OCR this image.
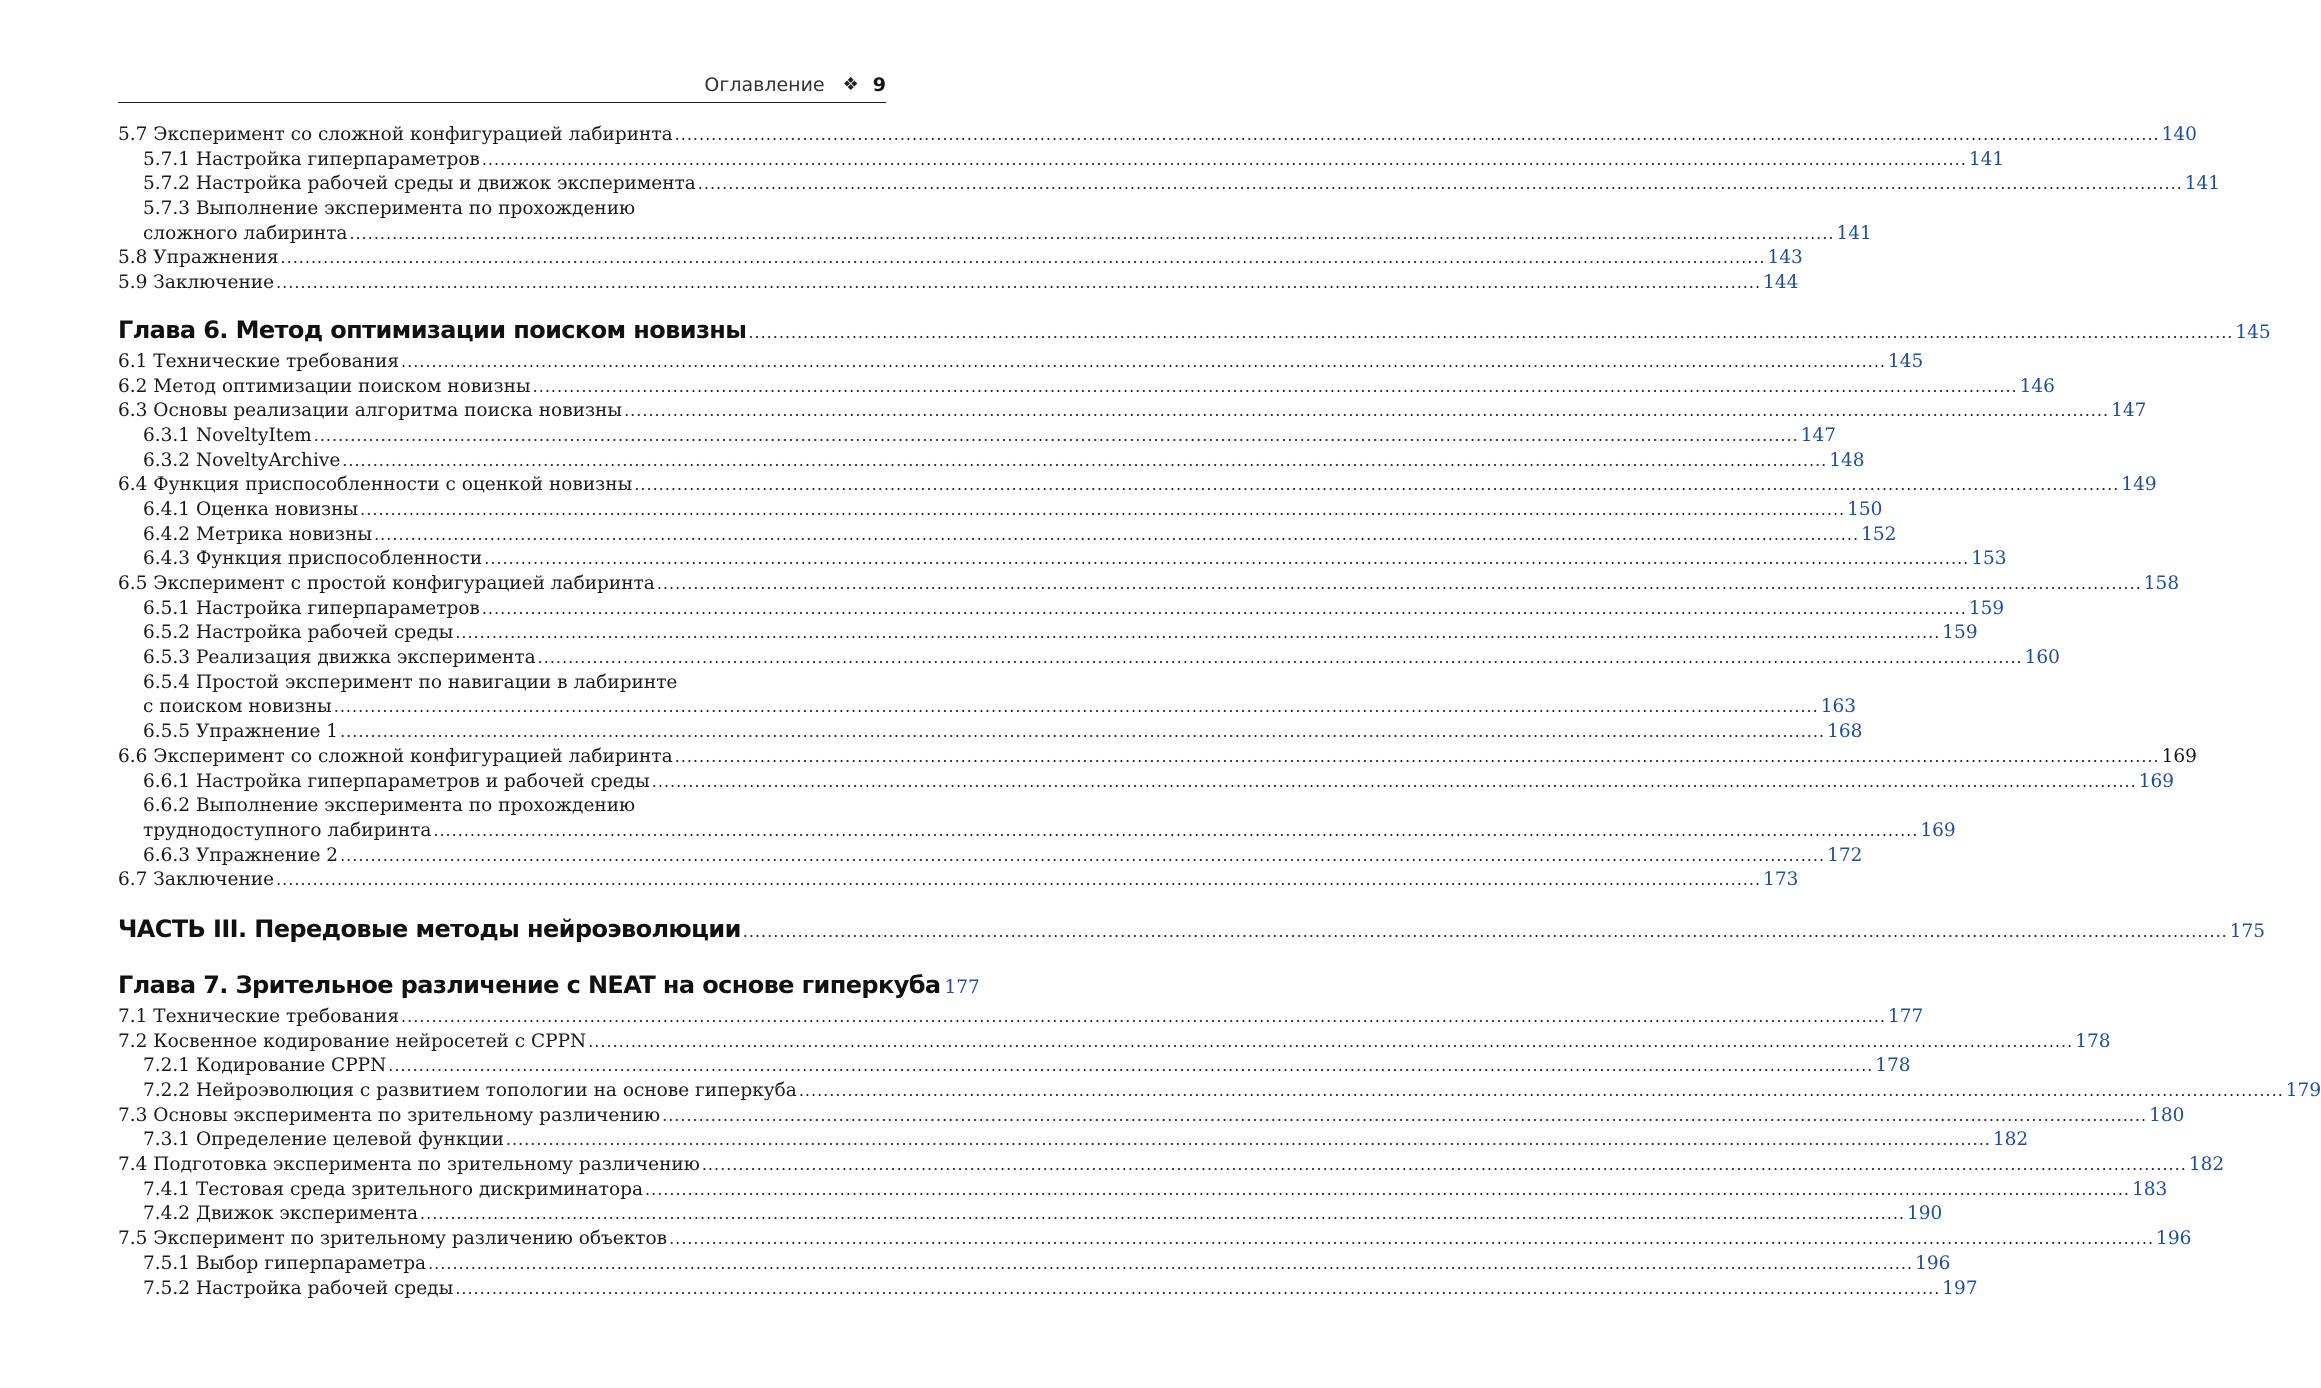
Оглавление ❖ 9
5.7 Эксперимент со сложной конфигурацией лабиринта .....	140
5.7.1 Настройка гиперпараметров .....	141
5.7.2 Настройка рабочей среды и движок эксперимента .....	141
5.7.3 Выполнение эксперимента по прохождению
сложного лабиринта .....	141
5.8 Упражнения .....	143
5.9 Заключение .....	144
Глава 6. Метод оптимизации поиском новизны .....	145
6.1 Технические требования .....	145
6.2 Метод оптимизации поиском новизны .....	146
6.3 Основы реализации алгоритма поиска новизны .....	147
6.3.1 NoveltyItem .....	147
6.3.2 NoveltyArchive .....	148
6.4 Функция приспособленности с оценкой новизны .....	149
6.4.1 Оценка новизны .....	150
6.4.2 Метрика новизны .....	152
6.4.3 Функция приспособленности .....	153
6.5 Эксперимент с простой конфигурацией лабиринта .....	158
6.5.1 Настройка гиперпараметров .....	159
6.5.2 Настройка рабочей среды .....	159
6.5.3 Реализация движка эксперимента .....	160
6.5.4 Простой эксперимент по навигации в лабиринте
с поиском новизны .....	163
6.5.5 Упражнение 1 .....	168
6.6 Эксперимент со сложной конфигурацией лабиринта .....	169
6.6.1 Настройка гиперпараметров и рабочей среды .....	169
6.6.2 Выполнение эксперимента по прохождению
труднодоступного лабиринта .....	169
6.6.3 Упражнение 2 .....	172
6.7 Заключение .....	173
ЧАСТЬ III. Передовые методы нейроэволюции .....	175
Глава 7. Зрительное различение с NEAT на основе гиперкуба 177
7.1 Технические требования .....	177
7.2 Косвенное кодирование нейросетей с CPPN .....	178
7.2.1 Кодирование CPPN .....	178
7.2.2 Нейроэволюция с развитием топологии на основе гиперкуба .....	179
7.3 Основы эксперимента по зрительному различению .....	180
7.3.1 Определение целевой функции .....	182
7.4 Подготовка эксперимента по зрительному различению .....	182
7.4.1 Тестовая среда зрительного дискриминатора .....	183
7.4.2 Движок эксперимента .....	190
7.5 Эксперимент по зрительному различению объектов .....	196
7.5.1 Выбор гиперпараметра .....	196
7.5.2 Настройка рабочей среды .....	197
